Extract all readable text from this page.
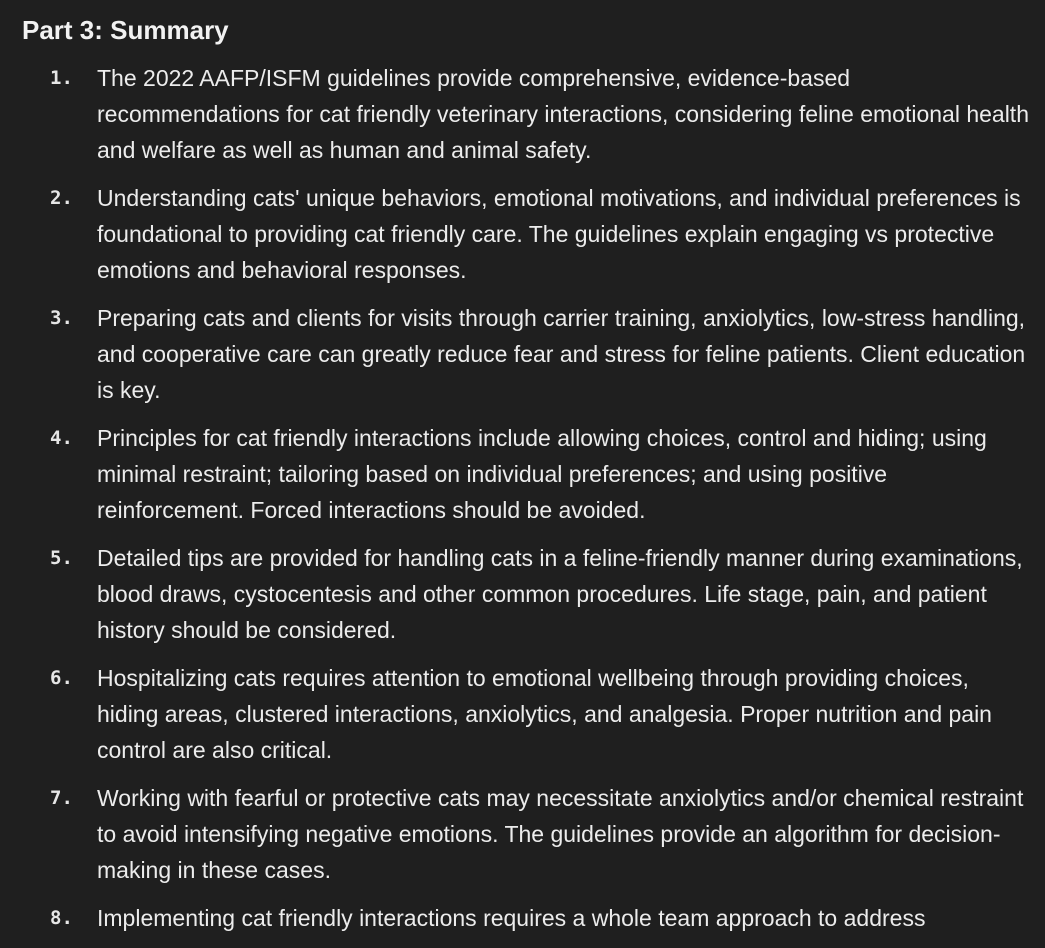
Part 3: Summary
1.	The 2022 AAFP/ISFM guidelines provide comprehensive, evidence-based recommendations for cat friendly veterinary interactions, considering feline emotional health and welfare as well as human and animal safety.
2.	Understanding cats' unique behaviors, emotional motivations, and individual preferences is foundational to providing cat friendly care. The guidelines explain engaging vs protective emotions and behavioral responses.
3.	Preparing cats and clients for visits through carrier training, anxiolytics, low-stress handling, and cooperative care can greatly reduce fear and stress for feline patients. Client education is key.
4.	Principles for cat friendly interactions include allowing choices, control and hiding; using minimal restraint; tailoring based on individual preferences; and using positive reinforcement. Forced interactions should be avoided.
5.	Detailed tips are provided for handling cats in a feline-friendly manner during examinations, blood draws, cystocentesis and other common procedures. Life stage, pain, and patient history should be considered.
6.	Hospitalizing cats requires attention to emotional wellbeing through providing choices, hiding areas, clustered interactions, anxiolytics, and analgesia. Proper nutrition and pain control are also critical.
7.	Working with fearful or protective cats may necessitate anxiolytics and/or chemical restraint to avoid intensifying negative emotions. The guidelines provide an algorithm for decision-making in these cases.
8.	Implementing cat friendly interactions requires a whole team approach to address
